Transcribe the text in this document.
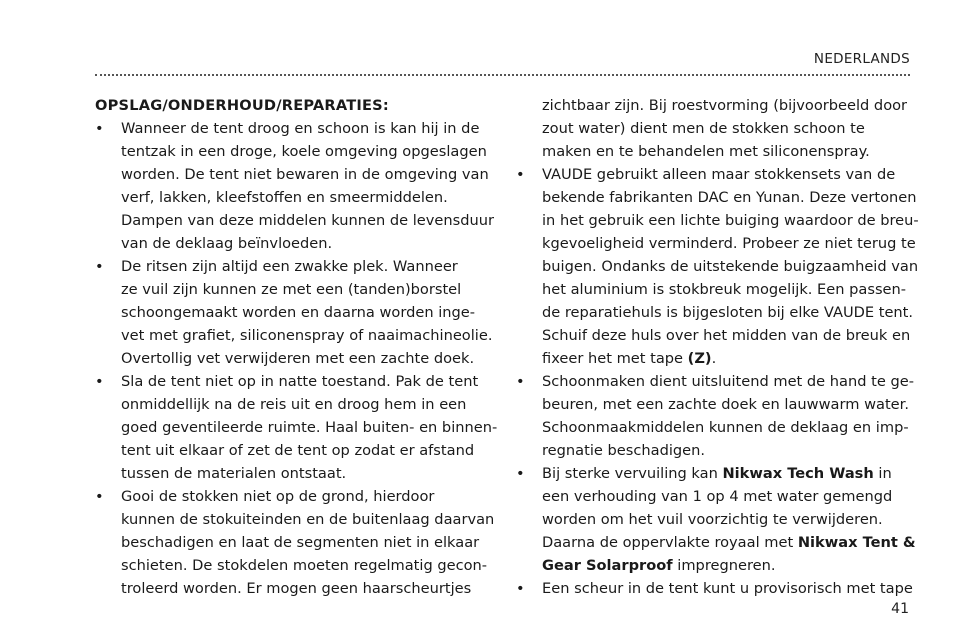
NEDERLANDS
OPSLAG/ONDERHOUD/REPARATIES:
• Wanneer de tent droog en schoon is kan hij in de
tentzak in een droge, koele omgeving opgeslagen
worden. De tent niet bewaren in de omgeving van
verf, lakken, kleefstoffen en smeermiddelen.
Dampen van deze middelen kunnen de levensduur
van de deklaag beïnvloeden.
• De ritsen zijn altijd een zwakke plek. Wanneer
ze vuil zijn kunnen ze met een (tanden)borstel
schoongemaakt worden en daarna worden inge-
vet met grafiet, siliconenspray of naaimachineolie.
Overtollig vet verwijderen met een zachte doek.
• Sla de tent niet op in natte toestand. Pak de tent
onmiddellijk na de reis uit en droog hem in een
goed geventileerde ruimte. Haal buiten- en binnen-
tent uit elkaar of zet de tent op zodat er afstand
tussen de materialen ontstaat.
• Gooi de stokken niet op de grond, hierdoor
kunnen de stokuiteinden en de buitenlaag daarvan
beschadigen en laat de segmenten niet in elkaar
schieten. De stokdelen moeten regelmatig gecon-
troleerd worden. Er mogen geen haarscheurtjes
zichtbaar zijn. Bij roestvorming (bijvoorbeeld door
zout water) dient men de stokken schoon te
maken en te behandelen met siliconenspray.
• VAUDE gebruikt alleen maar stokkensets van de
bekende fabrikanten DAC en Yunan. Deze vertonen
in het gebruik een lichte buiging waardoor de breu-
kgevoeligheid verminderd. Probeer ze niet terug te
buigen. Ondanks de uitstekende buigzaamheid van
het aluminium is stokbreuk mogelijk. Een passen-
de reparatiehuls is bijgesloten bij elke VAUDE tent.
Schuif deze huls over het midden van de breuk en
fixeer het met tape (Z).
• Schoonmaken dient uitsluitend met de hand te ge-
beuren, met een zachte doek en lauwwarm water.
Schoonmaakmiddelen kunnen de deklaag en imp-
regnatie beschadigen.
• Bij sterke vervuiling kan Nikwax Tech Wash in
een verhouding van 1 op 4 met water gemengd
worden om het vuil voorzichtig te verwijderen.
Daarna de oppervlakte royaal met Nikwax Tent &
Gear Solarproof impregneren.
• Een scheur in de tent kunt u provisorisch met tape
41
